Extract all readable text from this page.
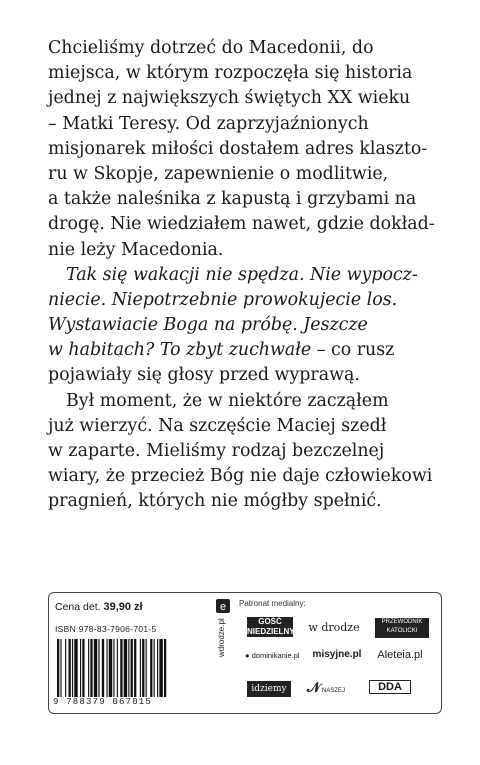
Chcieliśmy dotrzeć do Macedonii, do
miejsca, w którym rozpoczęła się historia
jednej z największych świętych XX wieku
– Matki Teresy. Od zaprzyjaźnionych
misjonarek miłości dostałem adres klaszto-
ru w Skopje, zapewnienie o modlitwie,
a także naleśnika z kapustą i grzybami na
drogę. Nie wiedziałem nawet, gdzie dokład-
nie leży Macedonia.
Tak się wakacji nie spędza. Nie wypocz-
niecie. Niepotrzebnie prowokujecie los.
Wystawiacie Boga na próbę. Jeszcze
w habitach? To zbyt zuchwałe – co rusz
pojawiały się głosy przed wyprawą.
Był moment, że w niektóre zacząłem
już wierzyć. Na szczęście Maciej szedł
w zaparte. Mieliśmy rodzaj bezczelnej
wiary, że przecież Bóg nie daje człowiekowi
pragnień, których nie mógłby spełnić.
Cena det. 39,90 zł
ISBN 978-83-7906-701-5
9 788379 067015
e
wdrodze.pl
Patronat medialny:
GOŚĆ NIEDZIELNY w drodze	PRZEWODNIK KATOLICKI
● dominikanie.pl	misyjne.pl	Aleteia.pl
idziemy	𝒩 NASZEJ	DDA
